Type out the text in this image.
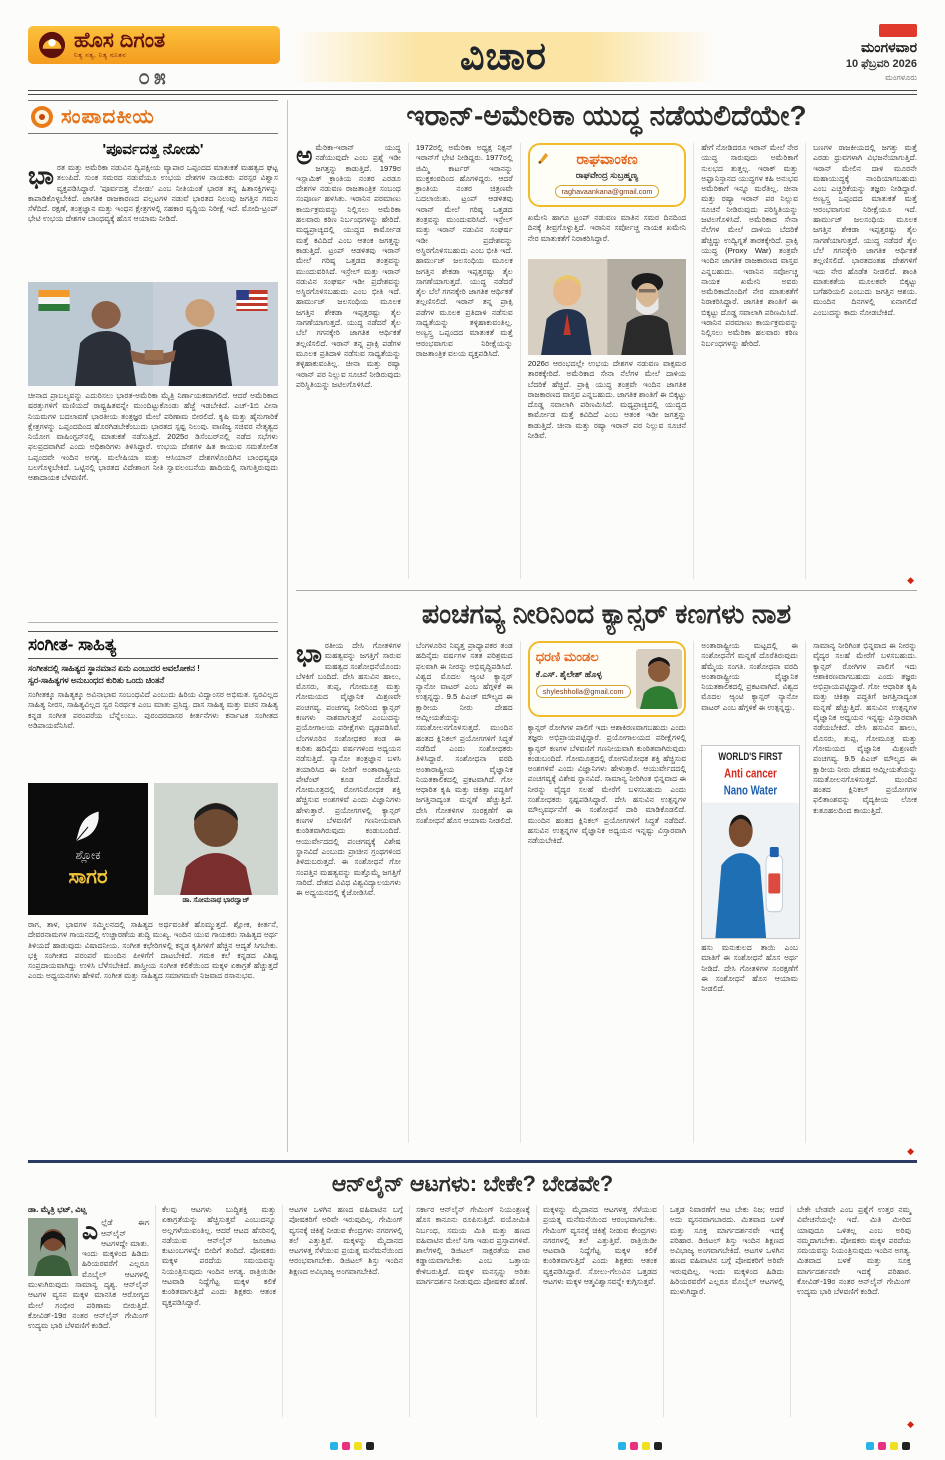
ಹೊಸ ದಿಗಂತ
ನಿತ್ಯ ಸತ್ಯ, ನಿತ್ಯ ನೂತನ
೦೫	ವಿಚಾರ	ಮಂಗಳವಾರ
10 ಫೆಬ್ರವರಿ 2026
ಮಂಗಳೂರು
ಸಂಪಾದಕೀಯ
'ಪೂರ್ವದತ್ತ ನೋಡು'
ಭಾರತ ಮತ್ತು ಅಮೆರಿಕಾ ನಡುವಿನ ದ್ವಿಪಕ್ಷೀಯ ವ್ಯಾಪಾರ ಒಪ್ಪಂದದ ಮಾತುಕತೆ ಮಹತ್ವದ ಘಟ್ಟ ತಲುಪಿದೆ. ಸುಂಕ ಸಮರದ ನಡುವೆಯೂ ಉಭಯ ದೇಶಗಳ ನಾಯಕರು ಪರಸ್ಪರ ವಿಶ್ವಾಸ ವ್ಯಕ್ತಪಡಿಸಿದ್ದಾರೆ. 'ಪೂರ್ವದತ್ತ ನೋಡು' ಎಂಬ ನೀತಿಯಂತೆ ಭಾರತ ತನ್ನ ಹಿತಾಸಕ್ತಿಗಳನ್ನು ಕಾಪಾಡಿಕೊಳ್ಳಬೇಕಿದೆ. ಜಾಗತಿಕ ರಾಜಕಾರಣದ ಪಲ್ಲಟಗಳ ನಡುವೆ ಭಾರತದ ನಿಲುವು ಜಗತ್ತಿನ ಗಮನ ಸೆಳೆದಿದೆ. ರಕ್ಷಣೆ, ತಂತ್ರಜ್ಞಾನ ಮತ್ತು ಇಂಧನ ಕ್ಷೇತ್ರಗಳಲ್ಲಿ ಸಹಕಾರ ವೃದ್ಧಿಯ ನಿರೀಕ್ಷೆ ಇದೆ. ಮೋದಿ-ಟ್ರಂಪ್ ಭೇಟಿ ಉಭಯ ದೇಶಗಳ ಬಾಂಧವ್ಯಕ್ಕೆ ಹೊಸ ಆಯಾಮ ನೀಡಿದೆ.
ಚೀನಾದ ಪ್ರಾಬಲ್ಯವನ್ನು ಎದುರಿಸಲು ಭಾರತ-ಅಮೆರಿಕಾ ಮೈತ್ರಿ ನಿರ್ಣಾಯಕವಾಗಲಿದೆ. ಆದರೆ ಅಮೆರಿಕಾದ ಷರತ್ತುಗಳಿಗೆ ಮಣಿಯದೆ ರಾಷ್ಟ್ರಹಿತವನ್ನೇ ಮುಂದಿಟ್ಟುಕೊಂಡು ಹೆಜ್ಜೆ ಇಡಬೇಕಿದೆ. ಎಚ್-1ಬಿ ವೀಸಾ ನಿಯಮಗಳ ಬದಲಾವಣೆ ಭಾರತೀಯ ತಂತ್ರಜ್ಞರ ಮೇಲೆ ಪರಿಣಾಮ ಬೀರಲಿದೆ. ಕೃಷಿ ಮತ್ತು ಹೈನುಗಾರಿಕೆ ಕ್ಷೇತ್ರಗಳನ್ನು ಒಪ್ಪಂದದಿಂದ ಹೊರಗಿಡಬೇಕೆಂಬುದು ಭಾರತದ ಸ್ಪಷ್ಟ ನಿಲುವು. ವಾಣಿಜ್ಯ ಸಚಿವರ ನೇತೃತ್ವದ ನಿಯೋಗ ವಾಷಿಂಗ್ಟನ್‌ನಲ್ಲಿ ಮಾತುಕತೆ ನಡೆಸುತ್ತಿದೆ. 2025ರ ಡಿಸೆಂಬರ್‌ನಲ್ಲಿ ನಡೆದ ಸಭೆಗಳು ಫಲಪ್ರದವಾಗಿವೆ ಎಂದು ಅಧಿಕಾರಿಗಳು ತಿಳಿಸಿದ್ದಾರೆ. ಉಭಯ ದೇಶಗಳ ಹಿತ ಕಾಯುವ ಸಮತೋಲಿತ ಒಪ್ಪಂದವೇ ಇಂದಿನ ಅಗತ್ಯ. ಮಲೇಷಿಯಾ ಮತ್ತು ಆಸಿಯಾನ್ ದೇಶಗಳೊಂದಿಗಿನ ಬಾಂಧವ್ಯವೂ ಬಲಗೊಳ್ಳಬೇಕಿದೆ. ಒಟ್ಟಿನಲ್ಲಿ ಭಾರತದ ವಿದೇಶಾಂಗ ನೀತಿ ಸ್ವಾವಲಂಬನೆಯ ಹಾದಿಯಲ್ಲಿ ಸಾಗುತ್ತಿರುವುದು ಆಶಾದಾಯಕ ಬೆಳವಣಿಗೆ.
ಸಂಗೀತ- ಸಾಹಿತ್ಯ
ಸಂಗೀತದಲ್ಲಿ ಸಾಹಿತ್ಯದ ಸ್ಥಾನಮಾನ ಏನು ಎಂಬುದರ ಅವಲೋಕನ !
ಸ್ವರ-ಸಾಹಿತ್ಯಗಳ ಅನುಬಂಧದ ಕುರಿತು ಒಂದು ಚಿಂತನೆ
ಸಂಗೀತಕ್ಕೂ ಸಾಹಿತ್ಯಕ್ಕೂ ಅವಿನಾಭಾವ ಸಂಬಂಧವಿದೆ ಎಂಬುದು ಹಿರಿಯ ವಿದ್ವಾಂಸರ ಅಭಿಮತ. ಸ್ವರವಿಲ್ಲದ ಸಾಹಿತ್ಯ ನೀರಸ, ಸಾಹಿತ್ಯವಿಲ್ಲದ ಸ್ವರ ನಿರರ್ಥಕ ಎಂಬ ಮಾತು ಪ್ರಸಿದ್ಧ. ದಾಸ ಸಾಹಿತ್ಯ ಮತ್ತು ವಚನ ಸಾಹಿತ್ಯ ಕನ್ನಡ ಸಂಗೀತ ಪರಂಪರೆಯ ಬೆನ್ನೆಲುಬು. ಪುರಂದರದಾಸರ ಕೀರ್ತನೆಗಳು ಕರ್ನಾಟಕ ಸಂಗೀತದ ಅಡಿಪಾಯವೆನಿಸಿವೆ.
ಶ್ಲೋಕ
ಸಾಗರ
ಡಾ. ಸೋಮನಾಥ ಭಾರದ್ವಾಜ್
ರಾಗ, ತಾಳ, ಭಾವಗಳ ಸಮ್ಮಿಲನದಲ್ಲಿ ಸಾಹಿತ್ಯದ ಅರ್ಥವಂತಿಕೆ ಹೊಮ್ಮುತ್ತದೆ. ಶ್ಲೋಕ, ಕೀರ್ತನೆ, ದೇವರನಾಮಗಳ ಗಾಯನದಲ್ಲಿ ಉಚ್ಚಾರಣೆಯ ಶುದ್ಧಿ ಮುಖ್ಯ. ಇಂದಿನ ಯುವ ಗಾಯಕರು ಸಾಹಿತ್ಯದ ಅರ್ಥ ತಿಳಿಯದೆ ಹಾಡುವುದು ವಿಷಾದನೀಯ. ಸಂಗೀತ ಕಛೇರಿಗಳಲ್ಲಿ ಕನ್ನಡ ಕೃತಿಗಳಿಗೆ ಹೆಚ್ಚಿನ ಆದ್ಯತೆ ಸಿಗಬೇಕು. ಭಕ್ತಿ ಸಂಗೀತದ ಪರಂಪರೆ ಮುಂದಿನ ಪೀಳಿಗೆಗೆ ದಾಟಬೇಕಿದೆ. ಗಮಕ ಕಲೆ ಕನ್ನಡದ ವಿಶಿಷ್ಟ ಸಂಪ್ರದಾಯವಾಗಿದ್ದು ಉಳಿಸಿ ಬೆಳೆಸಬೇಕಿದೆ. ಶಾಸ್ತ್ರೀಯ ಸಂಗೀತ ಕಲಿಕೆಯಿಂದ ಮಕ್ಕಳ ಏಕಾಗ್ರತೆ ಹೆಚ್ಚುತ್ತದೆ ಎಂದು ಅಧ್ಯಯನಗಳು ಹೇಳಿವೆ. ಸಂಗೀತ ಮತ್ತು ಸಾಹಿತ್ಯದ ಸಮಾಗಮವೇ ನಿಜವಾದ ರಸಾನುಭವ.
ಇರಾನ್-ಅಮೇರಿಕಾ ಯುದ್ಧ ನಡೆಯಲಿದೆಯೇ?
ಅಮೆರಿಕಾ-ಇರಾನ್ ಯುದ್ಧ ನಡೆಯುವುದೇ ಎಂಬ ಪ್ರಶ್ನೆ ಇಡೀ ಜಗತ್ತನ್ನು ಕಾಡುತ್ತಿದೆ. 1979ರ ಇಸ್ಲಾಮಿಕ್ ಕ್ರಾಂತಿಯ ನಂತರ ಎರಡೂ ದೇಶಗಳ ನಡುವಣ ರಾಜತಾಂತ್ರಿಕ ಸಂಬಂಧ ಸಂಪೂರ್ಣ ಹಳಸಿತು. ಇರಾನಿನ ಪರಮಾಣು ಕಾರ್ಯಕ್ರಮವನ್ನು ನಿಲ್ಲಿಸಲು ಅಮೆರಿಕಾ ಹಲವಾರು ಕಠಿಣ ನಿರ್ಬಂಧಗಳನ್ನು ಹೇರಿದೆ. ಮಧ್ಯಪ್ರಾಚ್ಯದಲ್ಲಿ ಯುದ್ಧದ ಕಾರ್ಮೋಡ ಮತ್ತೆ ಕವಿದಿದೆ ಎಂಬ ಆತಂಕ ಜಗತ್ತನ್ನು ಕಾಡುತ್ತಿದೆ. ಟ್ರಂಪ್ ಆಡಳಿತವು ಇರಾನ್ ಮೇಲೆ ಗರಿಷ್ಠ ಒತ್ತಡದ ತಂತ್ರವನ್ನು ಮುಂದುವರಿಸಿದೆ. ಇಸ್ರೇಲ್ ಮತ್ತು ಇರಾನ್ ನಡುವಿನ ಸಂಘರ್ಷ ಇಡೀ ಪ್ರದೇಶವನ್ನು ಅಸ್ಥಿರಗೊಳಿಸಬಹುದು ಎಂಬ ಭೀತಿ ಇದೆ. ಹಾರ್ಮುಜ್ ಜಲಸಂಧಿಯ ಮೂಲಕ ಜಗತ್ತಿನ ಶೇಕಡಾ ಇಪ್ಪತ್ತರಷ್ಟು ತೈಲ ಸಾಗಣೆಯಾಗುತ್ತದೆ. ಯುದ್ಧ ನಡೆದರೆ ತೈಲ ಬೆಲೆ ಗಗನಕ್ಕೇರಿ ಜಾಗತಿಕ ಆರ್ಥಿಕತೆ ತಲ್ಲಣಿಸಲಿದೆ. ಇರಾನ್ ತನ್ನ ಪ್ರಾಕ್ಸಿ ಪಡೆಗಳ ಮೂಲಕ ಪ್ರತಿದಾಳಿ ನಡೆಸುವ ಸಾಧ್ಯತೆಯನ್ನು ತಳ್ಳಿಹಾಕುವಂತಿಲ್ಲ. ಚೀನಾ ಮತ್ತು ರಷ್ಯಾ ಇರಾನ್ ಪರ ನಿಲ್ಲುವ ಸೂಚನೆ ನೀಡಿರುವುದು ಪರಿಸ್ಥಿತಿಯನ್ನು ಜಟಿಲಗೊಳಿಸಿದೆ.
1972ರಲ್ಲಿ ಅಮೆರಿಕಾ ಅಧ್ಯಕ್ಷ ನಿಕ್ಸನ್ ಇರಾನ್‌ಗೆ ಭೇಟಿ ನೀಡಿದ್ದರು. 1977ರಲ್ಲಿ ಜಿಮ್ಮಿ ಕಾರ್ಟರ್ ಇರಾನನ್ನು ಮುಕ್ತಕಂಠದಿಂದ ಹೊಗಳಿದ್ದರು. ಆದರೆ ಕ್ರಾಂತಿಯ ನಂತರ ಚಿತ್ರಣವೇ ಬದಲಾಯಿತು. ಟ್ರಂಪ್ ಆಡಳಿತವು ಇರಾನ್ ಮೇಲೆ ಗರಿಷ್ಠ ಒತ್ತಡದ ತಂತ್ರವನ್ನು ಮುಂದುವರಿಸಿದೆ. ಇಸ್ರೇಲ್ ಮತ್ತು ಇರಾನ್ ನಡುವಿನ ಸಂಘರ್ಷ ಇಡೀ ಪ್ರದೇಶವನ್ನು ಅಸ್ಥಿರಗೊಳಿಸಬಹುದು ಎಂಬ ಭೀತಿ ಇದೆ. ಹಾರ್ಮುಜ್ ಜಲಸಂಧಿಯ ಮೂಲಕ ಜಗತ್ತಿನ ಶೇಕಡಾ ಇಪ್ಪತ್ತರಷ್ಟು ತೈಲ ಸಾಗಣೆಯಾಗುತ್ತದೆ. ಯುದ್ಧ ನಡೆದರೆ ತೈಲ ಬೆಲೆ ಗಗನಕ್ಕೇರಿ ಜಾಗತಿಕ ಆರ್ಥಿಕತೆ ತಲ್ಲಣಿಸಲಿದೆ. ಇರಾನ್ ತನ್ನ ಪ್ರಾಕ್ಸಿ ಪಡೆಗಳ ಮೂಲಕ ಪ್ರತಿದಾಳಿ ನಡೆಸುವ ಸಾಧ್ಯತೆಯನ್ನು ತಳ್ಳಿಹಾಕುವಂತಿಲ್ಲ. ಅಣ್ವಸ್ತ್ರ ಒಪ್ಪಂದದ ಮಾತುಕತೆ ಮತ್ತೆ ಆರಂಭವಾಗುವ ನಿರೀಕ್ಷೆಯನ್ನು ರಾಜತಾಂತ್ರಿಕ ವಲಯ ವ್ಯಕ್ತಪಡಿಸಿದೆ.
ರಾಘವಾಂಕಣ
ರಾಘವೇಂದ್ರ ಸುಬ್ರಹ್ಮಣ್ಯ
raghavaankana@gmail.com
ಖಮೇನಿ ಹಾಗೂ ಟ್ರಂಪ್ ನಡುವಣ ಮಾತಿನ ಸಮರ ದಿನದಿಂದ ದಿನಕ್ಕೆ ತೀವ್ರಗೊಳ್ಳುತ್ತಿದೆ. ಇರಾನಿನ ಸರ್ವೋಚ್ಚ ನಾಯಕ ಖಮೇನಿ ನೇರ ಮಾತುಕತೆಗೆ ನಿರಾಕರಿಸಿದ್ದಾರೆ.
2026ರ ಆರಂಭದಲ್ಲೇ ಉಭಯ ದೇಶಗಳ ನಡುವಣ ವಾಕ್ಸಮರ ತಾರಕಕ್ಕೇರಿದೆ. ಅಮೆರಿಕಾದ ಸೇನಾ ನೆಲೆಗಳ ಮೇಲೆ ದಾಳಿಯ ಬೆದರಿಕೆ ಹೆಚ್ಚಿದೆ. ಪ್ರಾಕ್ಸಿ ಯುದ್ಧ ತಂತ್ರವೇ ಇಂದಿನ ಜಾಗತಿಕ ರಾಜಕಾರಣದ ವಾಸ್ತವ ಎನ್ನಬಹುದು. ಜಾಗತಿಕ ಶಾಂತಿಗೆ ಈ ಬಿಕ್ಕಟ್ಟು ದೊಡ್ಡ ಸವಾಲಾಗಿ ಪರಿಣಮಿಸಿದೆ. ಮಧ್ಯಪ್ರಾಚ್ಯದಲ್ಲಿ ಯುದ್ಧದ ಕಾರ್ಮೋಡ ಮತ್ತೆ ಕವಿದಿದೆ ಎಂಬ ಆತಂಕ ಇಡೀ ಜಗತ್ತನ್ನು ಕಾಡುತ್ತಿದೆ. ಚೀನಾ ಮತ್ತು ರಷ್ಯಾ ಇರಾನ್ ಪರ ನಿಲ್ಲುವ ಸೂಚನೆ ನೀಡಿವೆ.
ಹೇಗೆ ನೋಡಿದರೂ ಇರಾನ್ ಮೇಲೆ ನೇರ ಯುದ್ಧ ಸಾರುವುದು ಅಮೆರಿಕಾಗೆ ಸುಲಭದ ತುತ್ತಲ್ಲ. ಇರಾಕ್ ಮತ್ತು ಅಫ್ಘಾನಿಸ್ತಾನದ ಯುದ್ಧಗಳ ಕಹಿ ಅನುಭವ ಅಮೆರಿಕಾಗೆ ಇನ್ನೂ ಮರೆತಿಲ್ಲ. ಚೀನಾ ಮತ್ತು ರಷ್ಯಾ ಇರಾನ್ ಪರ ನಿಲ್ಲುವ ಸೂಚನೆ ನೀಡಿರುವುದು ಪರಿಸ್ಥಿತಿಯನ್ನು ಜಟಿಲಗೊಳಿಸಿದೆ. ಅಮೆರಿಕಾದ ಸೇನಾ ನೆಲೆಗಳ ಮೇಲೆ ದಾಳಿಯ ಬೆದರಿಕೆ ಹೆಚ್ಚಿದ್ದು ಉದ್ವಿಗ್ನತೆ ತಾರಕಕ್ಕೇರಿದೆ. ಪ್ರಾಕ್ಸಿ ಯುದ್ಧ (Proxy War) ತಂತ್ರವೇ ಇಂದಿನ ಜಾಗತಿಕ ರಾಜಕಾರಣದ ವಾಸ್ತವ ಎನ್ನಬಹುದು. ಇರಾನಿನ ಸರ್ವೋಚ್ಚ ನಾಯಕ ಖಮೇನಿ ಅವರು ಅಮೆರಿಕಾದೊಂದಿಗೆ ನೇರ ಮಾತುಕತೆಗೆ ನಿರಾಕರಿಸಿದ್ದಾರೆ. ಜಾಗತಿಕ ಶಾಂತಿಗೆ ಈ ಬಿಕ್ಕಟ್ಟು ದೊಡ್ಡ ಸವಾಲಾಗಿ ಪರಿಣಮಿಸಿದೆ. ಇರಾನಿನ ಪರಮಾಣು ಕಾರ್ಯಕ್ರಮವನ್ನು ನಿಲ್ಲಿಸಲು ಅಮೆರಿಕಾ ಹಲವಾರು ಕಠಿಣ ನಿರ್ಬಂಧಗಳನ್ನು ಹೇರಿದೆ.
ಬಣಗಳ ರಾಜಕೀಯದಲ್ಲಿ ಜಗತ್ತು ಮತ್ತೆ ಎರಡು ಧ್ರುವಗಳಾಗಿ ವಿಭಜನೆಯಾಗುತ್ತಿದೆ. ಇರಾನ್ ಮೇಲಿನ ದಾಳಿ ಮೂರನೇ ಮಹಾಯುದ್ಧಕ್ಕೆ ನಾಂದಿಯಾಗಬಹುದು ಎಂಬ ಎಚ್ಚರಿಕೆಯನ್ನು ತಜ್ಞರು ನೀಡಿದ್ದಾರೆ. ಅಣ್ವಸ್ತ್ರ ಒಪ್ಪಂದದ ಮಾತುಕತೆ ಮತ್ತೆ ಆರಂಭವಾಗುವ ನಿರೀಕ್ಷೆಯೂ ಇದೆ. ಹಾರ್ಮುಜ್ ಜಲಸಂಧಿಯ ಮೂಲಕ ಜಗತ್ತಿನ ಶೇಕಡಾ ಇಪ್ಪತ್ತರಷ್ಟು ತೈಲ ಸಾಗಣೆಯಾಗುತ್ತದೆ. ಯುದ್ಧ ನಡೆದರೆ ತೈಲ ಬೆಲೆ ಗಗನಕ್ಕೇರಿ ಜಾಗತಿಕ ಆರ್ಥಿಕತೆ ತಲ್ಲಣಿಸಲಿದೆ. ಭಾರತದಂತಹ ದೇಶಗಳಿಗೆ ಇದು ನೇರ ಹೊಡೆತ ನೀಡಲಿದೆ. ಶಾಂತಿ ಮಾತುಕತೆಯ ಮೂಲಕವೇ ಬಿಕ್ಕಟ್ಟು ಬಗೆಹರಿಯಲಿ ಎಂಬುದು ಜಗತ್ತಿನ ಆಶಯ. ಮುಂದಿನ ದಿನಗಳಲ್ಲಿ ಏನಾಗಲಿದೆ ಎಂಬುದನ್ನು ಕಾದು ನೋಡಬೇಕಿದೆ.
◆
ಪಂಚಗವ್ಯ ನೀರಿನಿಂದ ಕ್ಯಾನ್ಸರ್ ಕಣಗಳು ನಾಶ
ಭಾರತೀಯ ದೇಸಿ ಗೋತಳಿಗಳ ಮಹತ್ವವನ್ನು ಜಗತ್ತಿಗೆ ಸಾರುವ ಮಹತ್ವದ ಸಂಶೋಧನೆಯೊಂದು ಬೆಳಕಿಗೆ ಬಂದಿದೆ. ದೇಸಿ ಹಸುವಿನ ಹಾಲು, ಮೊಸರು, ತುಪ್ಪ, ಗೋಮೂತ್ರ ಮತ್ತು ಗೋಮಯದ ವೈಜ್ಞಾನಿಕ ಮಿಶ್ರಣವೇ ಪಂಚಗವ್ಯ. ಪಂಚಗವ್ಯ ನೀರಿನಿಂದ ಕ್ಯಾನ್ಸರ್ ಕಣಗಳು ನಾಶವಾಗುತ್ತವೆ ಎಂಬುದನ್ನು ಪ್ರಯೋಗಾಲಯ ಪರೀಕ್ಷೆಗಳು ದೃಢಪಡಿಸಿವೆ. ಬೆಂಗಳೂರಿನ ಸಂಶೋಧಕರ ತಂಡ ಈ ಕುರಿತು ಹದಿನೈದು ವರ್ಷಗಳಿಂದ ಅಧ್ಯಯನ ನಡೆಸುತ್ತಿದೆ. ನ್ಯಾನೋ ತಂತ್ರಜ್ಞಾನ ಬಳಸಿ ತಯಾರಿಸಿದ ಈ ನೀರಿಗೆ ಅಂತಾರಾಷ್ಟ್ರೀಯ ಪೇಟೆಂಟ್ ಕೂಡ ದೊರೆತಿದೆ. ಗೋಮೂತ್ರದಲ್ಲಿ ರೋಗನಿರೋಧಕ ಶಕ್ತಿ ಹೆಚ್ಚಿಸುವ ಅಂಶಗಳಿವೆ ಎಂದು ವಿಜ್ಞಾನಿಗಳು ಹೇಳುತ್ತಾರೆ. ಪ್ರಯೋಗಗಳಲ್ಲಿ ಕ್ಯಾನ್ಸರ್ ಕಣಗಳ ಬೆಳವಣಿಗೆ ಗಣನೀಯವಾಗಿ ಕುಂಠಿತವಾಗಿರುವುದು ಕಂಡುಬಂದಿದೆ. ಆಯುರ್ವೇದದಲ್ಲಿ ಪಂಚಗವ್ಯಕ್ಕೆ ವಿಶೇಷ ಸ್ಥಾನವಿದೆ ಎಂಬುದು ಪ್ರಾಚೀನ ಗ್ರಂಥಗಳಿಂದ ತಿಳಿದುಬರುತ್ತದೆ. ಈ ಸಂಶೋಧನೆ ಗೋ ಸಂಪತ್ತಿನ ಮಹತ್ವವನ್ನು ಮತ್ತೊಮ್ಮೆ ಜಗತ್ತಿಗೆ ಸಾರಿದೆ. ದೇಶದ ವಿವಿಧ ವಿಶ್ವವಿದ್ಯಾಲಯಗಳು ಈ ಅಧ್ಯಯನದಲ್ಲಿ ಕೈಜೋಡಿಸಿವೆ.
ಬೆಂಗಳೂರಿನ ನಿವೃತ್ತ ಪ್ರಾಧ್ಯಾಪಕರ ತಂಡ ಹದಿನೈದು ವರ್ಷಗಳ ಸತತ ಪರಿಶ್ರಮದ ಫಲವಾಗಿ ಈ ನೀರನ್ನು ಅಭಿವೃದ್ಧಿಪಡಿಸಿದೆ. ವಿಶ್ವದ ಮೊದಲ ಆ್ಯಂಟಿ ಕ್ಯಾನ್ಸರ್ ನ್ಯಾನೋ ವಾಟರ್ ಎಂಬ ಹೆಗ್ಗಳಿಕೆ ಈ ಉತ್ಪನ್ನದ್ದು. 9.5 ಪಿಎಚ್ ಮೌಲ್ಯದ ಈ ಕ್ಷಾರೀಯ ನೀರು ದೇಹದ ಆಮ್ಲೀಯತೆಯನ್ನು ಸಮತೋಲನಗೊಳಿಸುತ್ತದೆ. ಮುಂದಿನ ಹಂತದ ಕ್ಲಿನಿಕಲ್ ಪ್ರಯೋಗಗಳಿಗೆ ಸಿದ್ಧತೆ ನಡೆದಿದೆ ಎಂದು ಸಂಶೋಧಕರು ತಿಳಿಸಿದ್ದಾರೆ. ಸಂಶೋಧನಾ ವರದಿ ಅಂತಾರಾಷ್ಟ್ರೀಯ ವೈಜ್ಞಾನಿಕ ನಿಯತಕಾಲಿಕದಲ್ಲಿ ಪ್ರಕಟವಾಗಿದೆ. ಗೋ ಆಧಾರಿತ ಕೃಷಿ ಮತ್ತು ಚಿಕಿತ್ಸಾ ಪದ್ಧತಿಗೆ ಜಗತ್ತಿನಾದ್ಯಂತ ಮನ್ನಣೆ ಹೆಚ್ಚುತ್ತಿದೆ. ದೇಸಿ ಗೋತಳಿಗಳ ಸಂರಕ್ಷಣೆಗೆ ಈ ಸಂಶೋಧನೆ ಹೊಸ ಆಯಾಮ ನೀಡಲಿದೆ.
ಧರಣಿ ಮಂಡಲ
ಕೆ.ಎಸ್. ಶೈಲೇಶ್ ಹೊಳ್ಳ
shyleshholla@gmail.com
ಕ್ಯಾನ್ಸರ್ ರೋಗಿಗಳ ಪಾಲಿಗೆ ಇದು ಆಶಾಕಿರಣವಾಗಬಹುದು ಎಂದು ತಜ್ಞರು ಅಭಿಪ್ರಾಯಪಟ್ಟಿದ್ದಾರೆ. ಪ್ರಯೋಗಾಲಯದ ಪರೀಕ್ಷೆಗಳಲ್ಲಿ ಕ್ಯಾನ್ಸರ್ ಕಣಗಳ ಬೆಳವಣಿಗೆ ಗಣನೀಯವಾಗಿ ಕುಂಠಿತವಾಗಿರುವುದು ಕಂಡುಬಂದಿದೆ. ಗೋಮೂತ್ರದಲ್ಲಿ ರೋಗನಿರೋಧಕ ಶಕ್ತಿ ಹೆಚ್ಚಿಸುವ ಅಂಶಗಳಿವೆ ಎಂದು ವಿಜ್ಞಾನಿಗಳು ಹೇಳುತ್ತಾರೆ. ಆಯುರ್ವೇದದಲ್ಲಿ ಪಂಚಗವ್ಯಕ್ಕೆ ವಿಶೇಷ ಸ್ಥಾನವಿದೆ. ಸಾಮಾನ್ಯ ನೀರಿಗಿಂತ ಭಿನ್ನವಾದ ಈ ನೀರನ್ನು ವೈದ್ಯರ ಸಲಹೆ ಮೇರೆಗೆ ಬಳಸಬಹುದು ಎಂದು ಸಂಶೋಧಕರು ಸ್ಪಷ್ಟಪಡಿಸಿದ್ದಾರೆ. ದೇಸಿ ಹಸುವಿನ ಉತ್ಪನ್ನಗಳ ಮೌಲ್ಯವರ್ಧನೆಗೆ ಈ ಸಂಶೋಧನೆ ದಾರಿ ಮಾಡಿಕೊಡಲಿದೆ. ಮುಂದಿನ ಹಂತದ ಕ್ಲಿನಿಕಲ್ ಪ್ರಯೋಗಗಳಿಗೆ ಸಿದ್ಧತೆ ನಡೆದಿದೆ. ಹಸುವಿನ ಉತ್ಪನ್ನಗಳ ವೈಜ್ಞಾನಿಕ ಅಧ್ಯಯನ ಇನ್ನಷ್ಟು ವಿಸ್ತಾರವಾಗಿ ನಡೆಯಬೇಕಿದೆ.
ಅಂತಾರಾಷ್ಟ್ರೀಯ ಮಟ್ಟದಲ್ಲಿ ಈ ಸಂಶೋಧನೆಗೆ ಮನ್ನಣೆ ದೊರೆತಿರುವುದು ಹೆಮ್ಮೆಯ ಸಂಗತಿ. ಸಂಶೋಧನಾ ವರದಿ ಅಂತಾರಾಷ್ಟ್ರೀಯ ವೈಜ್ಞಾನಿಕ ನಿಯತಕಾಲಿಕದಲ್ಲಿ ಪ್ರಕಟವಾಗಿದೆ. ವಿಶ್ವದ ಮೊದಲ ಆ್ಯಂಟಿ ಕ್ಯಾನ್ಸರ್ ನ್ಯಾನೋ ವಾಟರ್ ಎಂಬ ಹೆಗ್ಗಳಿಕೆ ಈ ಉತ್ಪನ್ನದ್ದು.
WORLD'S FIRST
Anti cancer
Nano Water
ಹಸು ಮನುಕುಲದ ತಾಯಿ ಎಂಬ ಮಾತಿಗೆ ಈ ಸಂಶೋಧನೆ ಹೊಸ ಅರ್ಥ ನೀಡಿದೆ. ದೇಸಿ ಗೋತಳಿಗಳ ಸಂರಕ್ಷಣೆಗೆ ಈ ಸಂಶೋಧನೆ ಹೊಸ ಆಯಾಮ ನೀಡಲಿದೆ.
ಸಾಮಾನ್ಯ ನೀರಿಗಿಂತ ಭಿನ್ನವಾದ ಈ ನೀರನ್ನು ವೈದ್ಯರ ಸಲಹೆ ಮೇರೆಗೆ ಬಳಸಬಹುದು. ಕ್ಯಾನ್ಸರ್ ರೋಗಿಗಳ ಪಾಲಿಗೆ ಇದು ಆಶಾಕಿರಣವಾಗಬಹುದು ಎಂದು ತಜ್ಞರು ಅಭಿಪ್ರಾಯಪಟ್ಟಿದ್ದಾರೆ. ಗೋ ಆಧಾರಿತ ಕೃಷಿ ಮತ್ತು ಚಿಕಿತ್ಸಾ ಪದ್ಧತಿಗೆ ಜಗತ್ತಿನಾದ್ಯಂತ ಮನ್ನಣೆ ಹೆಚ್ಚುತ್ತಿದೆ. ಹಸುವಿನ ಉತ್ಪನ್ನಗಳ ವೈಜ್ಞಾನಿಕ ಅಧ್ಯಯನ ಇನ್ನಷ್ಟು ವಿಸ್ತಾರವಾಗಿ ನಡೆಯಬೇಕಿದೆ. ದೇಸಿ ಹಸುವಿನ ಹಾಲು, ಮೊಸರು, ತುಪ್ಪ, ಗೋಮೂತ್ರ ಮತ್ತು ಗೋಮಯದ ವೈಜ್ಞಾನಿಕ ಮಿಶ್ರಣವೇ ಪಂಚಗವ್ಯ. 9.5 ಪಿಎಚ್ ಮೌಲ್ಯದ ಈ ಕ್ಷಾರೀಯ ನೀರು ದೇಹದ ಆಮ್ಲೀಯತೆಯನ್ನು ಸಮತೋಲನಗೊಳಿಸುತ್ತದೆ. ಮುಂದಿನ ಹಂತದ ಕ್ಲಿನಿಕಲ್ ಪ್ರಯೋಗಗಳ ಫಲಿತಾಂಶವನ್ನು ವೈದ್ಯಕೀಯ ಲೋಕ ಕುತೂಹಲದಿಂದ ಕಾಯುತ್ತಿದೆ.
◆
ಆನ್‌ಲೈನ್ ಆಟಗಳು: ಬೇಕೇ? ಬೇಡವೇ?
ಡಾ. ಮೈತ್ರಿ ಭಟ್, ವಿಟ್ಲ
ಎ ಲ್ಲೆಡೆ ಈಗ ಆನ್‌ಲೈನ್ ಆಟಗಳದ್ದೇ ಮಾತು. ಇಂದು ಮಕ್ಕಳಿಂದ ಹಿಡಿದು ಹಿರಿಯರವರೆಗೆ ಎಲ್ಲರೂ ಮೊಬೈಲ್ ಆಟಗಳಲ್ಲಿ ಮುಳುಗಿರುವುದು ಸಾಮಾನ್ಯ ದೃಶ್ಯ. ಆನ್‌ಲೈನ್ ಆಟಗಳ ವ್ಯಸನ ಮಕ್ಕಳ ಮಾನಸಿಕ ಆರೋಗ್ಯದ ಮೇಲೆ ಗಂಭೀರ ಪರಿಣಾಮ ಬೀರುತ್ತಿದೆ. ಕೋವಿಡ್-19ರ ನಂತರ ಆನ್‌ಲೈನ್ ಗೇಮಿಂಗ್ ಉದ್ಯಮ ಭಾರಿ ಬೆಳವಣಿಗೆ ಕಂಡಿದೆ.
ಕೆಲವು ಆಟಗಳು ಬುದ್ಧಿಶಕ್ತಿ ಮತ್ತು ಏಕಾಗ್ರತೆಯನ್ನು ಹೆಚ್ಚಿಸುತ್ತವೆ ಎಂಬುದನ್ನೂ ಅಲ್ಲಗಳೆಯುವಂತಿಲ್ಲ. ಆದರೆ ಆಟದ ಹೆಸರಿನಲ್ಲಿ ನಡೆಯುವ ಆನ್‌ಲೈನ್ ಜೂಜಾಟ ಕುಟುಂಬಗಳನ್ನೇ ಬೀದಿಗೆ ತಂದಿದೆ. ಪೋಷಕರು ಮಕ್ಕಳ ಪರದೆಯ ಸಮಯವನ್ನು ನಿಯಂತ್ರಿಸುವುದು ಇಂದಿನ ಅಗತ್ಯ. ರಾತ್ರಿಯಿಡೀ ಆಟವಾಡಿ ನಿದ್ದೆಗೆಟ್ಟ ಮಕ್ಕಳ ಕಲಿಕೆ ಕುಂಠಿತವಾಗುತ್ತಿದೆ ಎಂದು ಶಿಕ್ಷಕರು ಆತಂಕ ವ್ಯಕ್ತಪಡಿಸಿದ್ದಾರೆ.
ಆಟಗಳ ಒಳಗಿನ ಹಣದ ವಹಿವಾಟಿನ ಬಗ್ಗೆ ಪೋಷಕರಿಗೆ ಅರಿವೇ ಇರುವುದಿಲ್ಲ. ಗೇಮಿಂಗ್ ವ್ಯಸನಕ್ಕೆ ಚಿಕಿತ್ಸೆ ನೀಡುವ ಕೇಂದ್ರಗಳು ನಗರಗಳಲ್ಲಿ ತಲೆ ಎತ್ತುತ್ತಿವೆ. ಮಕ್ಕಳನ್ನು ಮೈದಾನದ ಆಟಗಳತ್ತ ಸೆಳೆಯುವ ಪ್ರಯತ್ನ ಮನೆಮನೆಯಿಂದ ಆರಂಭವಾಗಬೇಕು. ಡಿಜಿಟಲ್ ಶಿಸ್ತು ಇಂದಿನ ಶಿಕ್ಷಣದ ಅವಿಭಾಜ್ಯ ಅಂಗವಾಗಬೇಕಿದೆ.
ಸರ್ಕಾರ ಆನ್‌ಲೈನ್ ಗೇಮಿಂಗ್ ನಿಯಂತ್ರಣಕ್ಕೆ ಹೊಸ ಕಾನೂನು ರೂಪಿಸುತ್ತಿದೆ. ವಯೋಮಿತಿ ನಿರ್ಬಂಧ, ಸಮಯ ಮಿತಿ ಮತ್ತು ಹಣದ ವಹಿವಾಟಿನ ಮೇಲೆ ನಿಗಾ ಇಡುವ ಪ್ರಸ್ತಾಪಗಳಿವೆ. ಶಾಲೆಗಳಲ್ಲಿ ಡಿಜಿಟಲ್ ಸಾಕ್ಷರತೆಯ ಪಾಠ ಕಡ್ಡಾಯವಾಗಬೇಕು ಎಂಬ ಒತ್ತಾಯ ಕೇಳಿಬರುತ್ತಿದೆ. ಮಕ್ಕಳ ಮನಸ್ಸನ್ನು ಅರಿತು ಮಾರ್ಗದರ್ಶನ ನೀಡುವುದು ಪೋಷಕರ ಹೊಣೆ.
ಮಕ್ಕಳನ್ನು ಮೈದಾನದ ಆಟಗಳತ್ತ ಸೆಳೆಯುವ ಪ್ರಯತ್ನ ಮನೆಮನೆಯಿಂದ ಆರಂಭವಾಗಬೇಕು. ಗೇಮಿಂಗ್ ವ್ಯಸನಕ್ಕೆ ಚಿಕಿತ್ಸೆ ನೀಡುವ ಕೇಂದ್ರಗಳು ನಗರಗಳಲ್ಲಿ ತಲೆ ಎತ್ತುತ್ತಿವೆ. ರಾತ್ರಿಯಿಡೀ ಆಟವಾಡಿ ನಿದ್ದೆಗೆಟ್ಟ ಮಕ್ಕಳ ಕಲಿಕೆ ಕುಂಠಿತವಾಗುತ್ತಿದೆ ಎಂದು ಶಿಕ್ಷಕರು ಆತಂಕ ವ್ಯಕ್ತಪಡಿಸಿದ್ದಾರೆ. ಸೋಲು-ಗೆಲುವಿನ ಒತ್ತಡದ ಆಟಗಳು ಮಕ್ಕಳ ಆತ್ಮವಿಶ್ವಾಸವನ್ನೇ ಕುಗ್ಗಿಸುತ್ತವೆ.
ಒತ್ತಡ ನಿವಾರಣೆಗೆ ಆಟ ಬೇಕು ನಿಜ; ಆದರೆ ಅದು ವ್ಯಸನವಾಗಬಾರದು. ಮಿತವಾದ ಬಳಕೆ ಮತ್ತು ಸೂಕ್ತ ಮಾರ್ಗದರ್ಶನವೇ ಇದಕ್ಕೆ ಪರಿಹಾರ. ಡಿಜಿಟಲ್ ಶಿಸ್ತು ಇಂದಿನ ಶಿಕ್ಷಣದ ಅವಿಭಾಜ್ಯ ಅಂಗವಾಗಬೇಕಿದೆ. ಆಟಗಳ ಒಳಗಿನ ಹಣದ ವಹಿವಾಟಿನ ಬಗ್ಗೆ ಪೋಷಕರಿಗೆ ಅರಿವೇ ಇರುವುದಿಲ್ಲ. ಇಂದು ಮಕ್ಕಳಿಂದ ಹಿಡಿದು ಹಿರಿಯರವರೆಗೆ ಎಲ್ಲರೂ ಮೊಬೈಲ್ ಆಟಗಳಲ್ಲಿ ಮುಳುಗಿದ್ದಾರೆ.
ಬೇಕೇ ಬೇಡವೇ ಎಂಬ ಪ್ರಶ್ನೆಗೆ ಉತ್ತರ ನಮ್ಮ ವಿವೇಚನೆಯಲ್ಲೇ ಇದೆ. ಮಿತಿ ಮೀರಿದ ಯಾವುದೂ ಒಳಿತಲ್ಲ ಎಂಬ ಅರಿವು ನಮ್ಮದಾಗಬೇಕು. ಪೋಷಕರು ಮಕ್ಕಳ ಪರದೆಯ ಸಮಯವನ್ನು ನಿಯಂತ್ರಿಸುವುದು ಇಂದಿನ ಅಗತ್ಯ. ಮಿತವಾದ ಬಳಕೆ ಮತ್ತು ಸೂಕ್ತ ಮಾರ್ಗದರ್ಶನವೇ ಇದಕ್ಕೆ ಪರಿಹಾರ. ಕೋವಿಡ್-19ರ ನಂತರ ಆನ್‌ಲೈನ್ ಗೇಮಿಂಗ್ ಉದ್ಯಮ ಭಾರಿ ಬೆಳವಣಿಗೆ ಕಂಡಿದೆ.
◆
